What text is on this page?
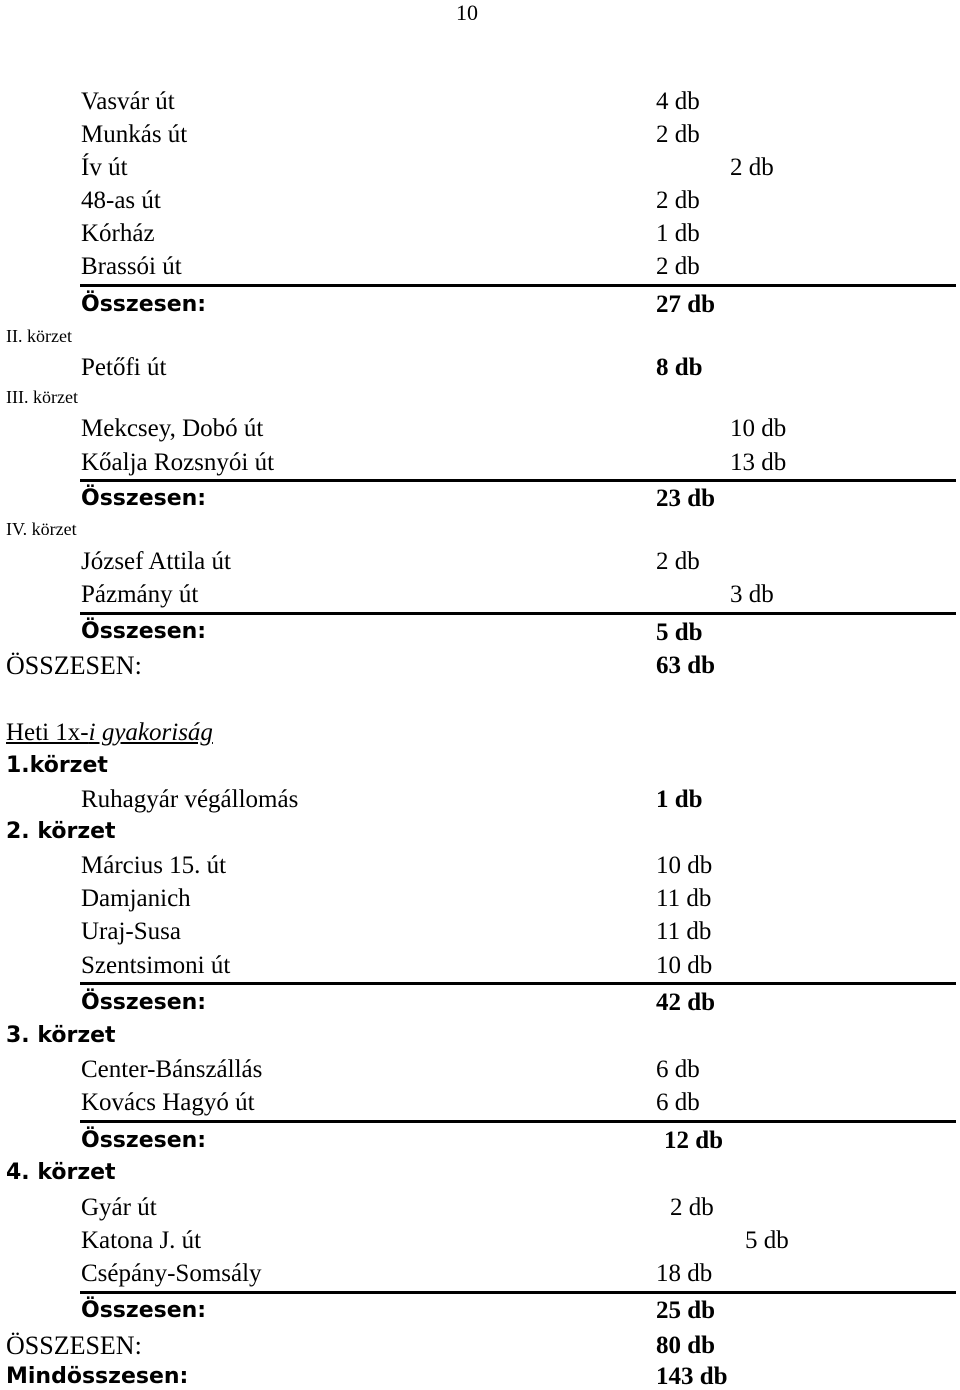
10
Vasvár út	4 db
Munkás út	2 db
Ív út	2 db
48-as út	2 db
Kórház	1 db
Brassói út	2 db
Összesen:	27 db
II. körzet
Petőfi út	8 db
III. körzet
Mekcsey, Dobó út	10 db
Kőalja Rozsnyói út	13 db
Összesen:	23 db
IV. körzet
József Attila út	2 db
Pázmány út	3 db
Összesen:	5 db
ÖSSZESEN:	63 db
Heti 1x-i gyakoriság
1.körzet
Ruhagyár végállomás	1 db
2. körzet
Március 15. út	10 db
Damjanich	11 db
Uraj-Susa	11 db
Szentsimoni út	10 db
Összesen:	42 db
3. körzet
Center-Bánszállás	6 db
Kovács Hagyó út	6 db
Összesen:	12 db
4. körzet
Gyár út	2 db
Katona J. út	5 db
Csépány-Somsály	18 db
Összesen:	25 db
ÖSSZESEN:	80 db
Mindösszesen:	143 db
